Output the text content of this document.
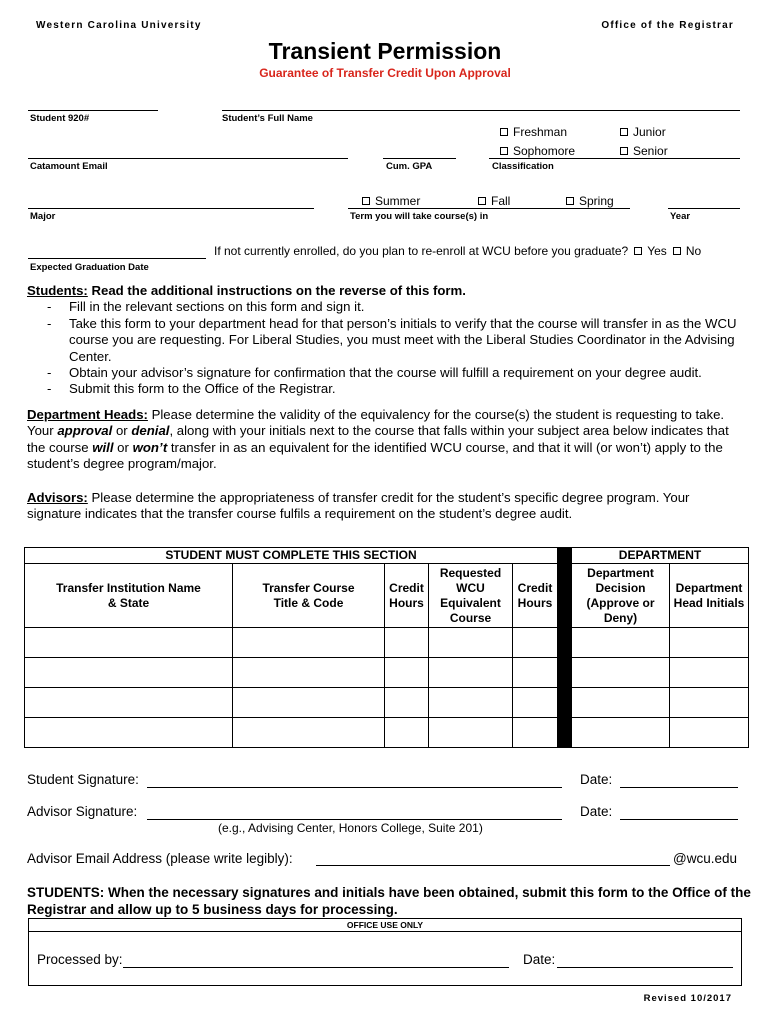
Western Carolina University	Office of the Registrar
Transient Permission
Guarantee of Transfer Credit Upon Approval
Student 920#	Student’s Full Name
Freshman	Junior
Sophomore	Senior
Catamount Email	Cum. GPA	Classification
Summer	Fall	Spring
Major	Term you will take course(s) in	Year
Expected Graduation Date
If not currently enrolled, do you plan to re-enroll at WCU before you graduate? Yes No
Students: Read the additional instructions on the reverse of this form.
- Fill in the relevant sections on this form and sign it.
- Take this form to your department head for that person’s initials to verify that the course will transfer in as the WCU course you are requesting. For Liberal Studies, you must meet with the Liberal Studies Coordinator in the Advising Center.
- Obtain your advisor’s signature for confirmation that the course will fulfill a requirement on your degree audit.
- Submit this form to the Office of the Registrar.
Department Heads: Please determine the validity of the equivalency for the course(s) the student is requesting to take. Your approval or denial, along with your initials next to the course that falls within your subject area below indicates that the course will or won’t transfer in as an equivalent for the identified WCU course, and that it will (or won’t) apply to the student’s degree program/major.
Advisors: Please determine the appropriateness of transfer credit for the student’s specific degree program. Your signature indicates that the transfer course fulfils a requirement on the student’s degree audit.
STUDENT MUST COMPLETE THIS SECTION						DEPARTMENT	
Transfer Institution Name & State	Transfer Course Title & Code	Credit Hours	Requested WCU Equivalent Course	Credit Hours		Department Decision (Approve or Deny)	Department Head Initials

Student Signature:	Date:
Advisor Signature:	Date:
(e.g., Advising Center, Honors College, Suite 201)
Advisor Email Address (please write legibly):	@wcu.edu
STUDENTS: When the necessary signatures and initials have been obtained, submit this form to the Office of the Registrar and allow up to 5 business days for processing.
OFFICE USE ONLY
Processed by:	Date:
Revised 10/2017
